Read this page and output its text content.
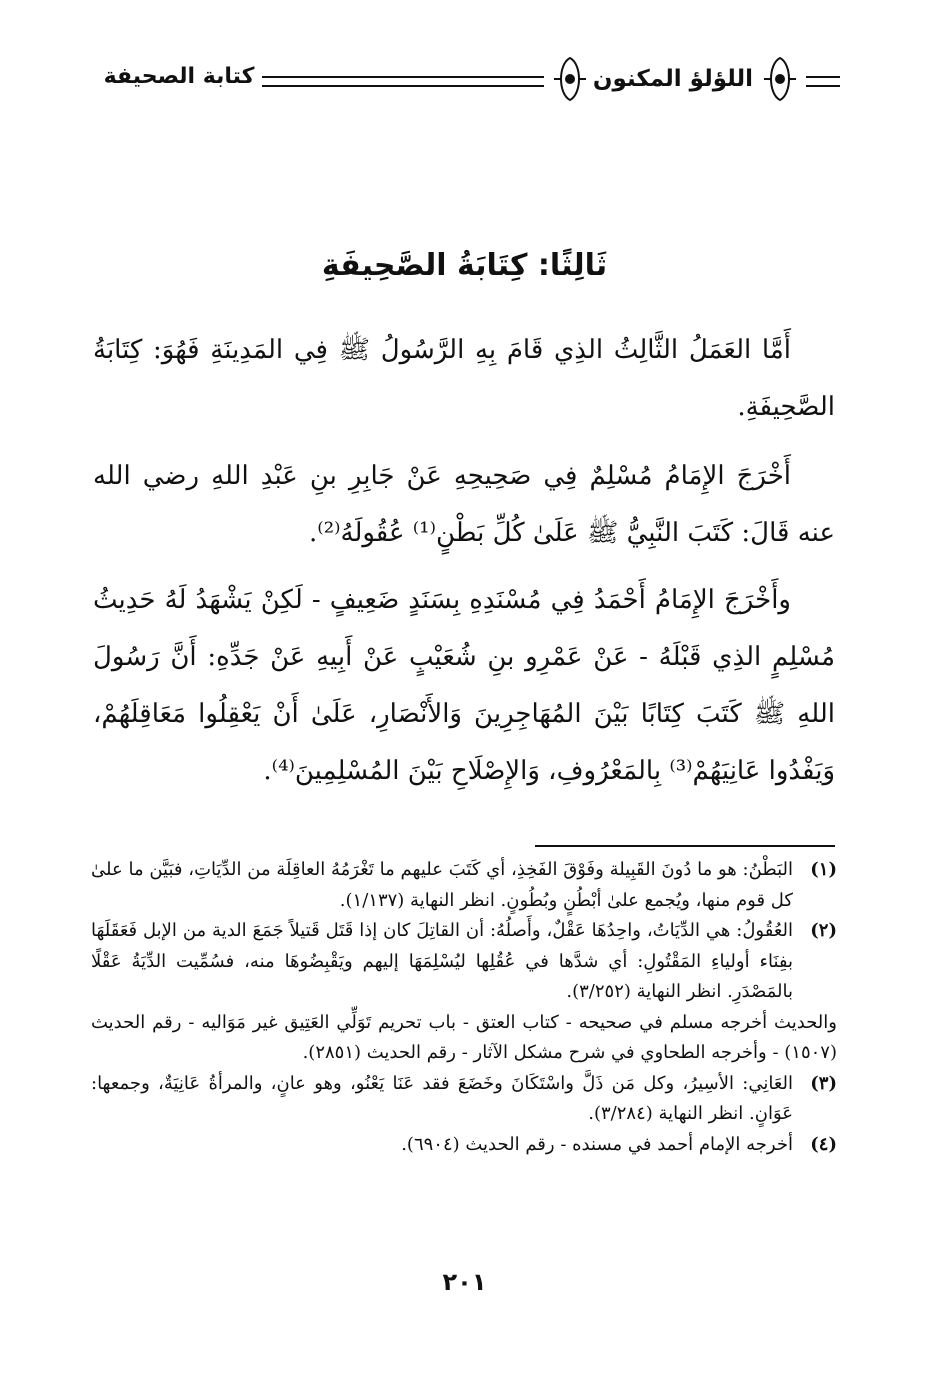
اللؤلؤ المكنون
كتابة الصحيفة
ثَالِثًا: كِتَابَةُ الصَّحِيفَةِ

أَمَّا العَمَلُ الثَّالِثُ الذِي قَامَ بِهِ الرَّسُولُ ﷺ فِي المَدِينَةِ فَهُوَ: كِتَابَةُ الصَّحِيفَةِ.

أَخْرَجَ الإِمَامُ مُسْلِمٌ فِي صَحِيحِهِ عَنْ جَابِرِ بنِ عَبْدِ اللهِ رضي الله عنه قَالَ: كَتَبَ النَّبِيُّ ﷺ عَلَىٰ كُلِّ بَطْنٍ⁽¹⁾ عُقُولَهُ⁽²⁾.

وأَخْرَجَ الإِمَامُ أَحْمَدُ فِي مُسْنَدِهِ بِسَنَدٍ ضَعِيفٍ - لَكِنْ يَشْهَدُ لَهُ حَدِيثُ مُسْلِمٍ الذِي قَبْلَهُ - عَنْ عَمْرِو بنِ شُعَيْبٍ عَنْ أَبِيهِ عَنْ جَدِّهِ: أَنَّ رَسُولَ اللهِ ﷺ كَتَبَ كِتَابًا بَيْنَ المُهَاجِرِينَ وَالأَنْصَارِ، عَلَىٰ أَنْ يَعْقِلُوا مَعَاقِلَهُمْ، وَيَفْدُوا عَانِيَهُمْ⁽³⁾ بِالمَعْرُوفِ، وَالإِصْلَاحِ بَيْنَ المُسْلِمِينَ⁽⁴⁾.

(١)
البَطْنُ: هو ما دُونَ القَبِيلة وفَوْقَ الفَخِذِ، أي كَتَبَ عليهم ما تَغْرَمُهُ العاقِلَة من الدِّيَاتِ، فبَيَّن ما علىٰ كل قوم منها، ويُجمع علىٰ أبْطُنٍ وبُطُونٍ. انظر النهاية (١/١٣٧).
(٢)
العُقُولُ: هي الدِّيَاتُ، واحِدُهَا عَقْلٌ، وأَصلُهُ: أن القاتِلَ كان إذا قَتَل قَتيلاً جَمَعَ الدية من الإبل فَعَقَلَهَا بفِنَاء أولياءِ المَقْتُولِ: أي شدَّها في عُقُلِها ليُسْلِمَهَا إليهم ويَقْبِضُوهَا منه، فسُمِّيت الدِّيَةُ عَقْلًا بالمَصْدَرِ. انظر النهاية (٣/٢٥٢).

والحديث أخرجه مسلم في صحيحه - كتاب العتق - باب تحريم تَوَلِّي العَتِيق غير مَوَاليه - رقم الحديث (١٥٠٧) - وأخرجه الطحاوي في شرح مشكل الآثار - رقم الحديث (٢٨٥١).

(٣)
العَانِي: الأسِيرُ، وكل مَن ذَلَّ واسْتَكَانَ وخَضَعَ فقد عَنَا يَعْنُو، وهو عانٍ، والمرأةُ عَانِيَةٌ، وجمعها: عَوَانٍ. انظر النهاية (٣/٢٨٤).
(٤)
أخرجه الإمام أحمد في مسنده - رقم الحديث (٦٩٠٤).
٢٠١
